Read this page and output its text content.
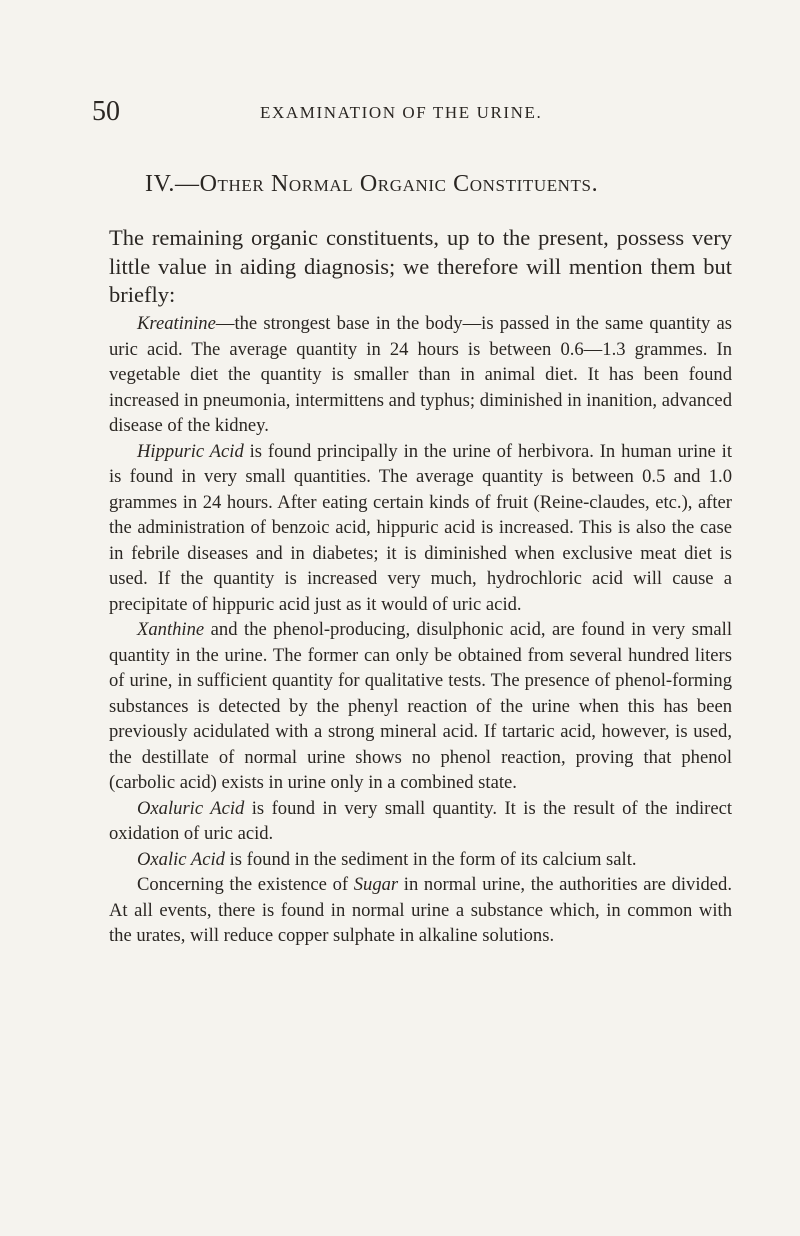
50	EXAMINATION OF THE URINE.
IV.—Other Normal Organic Constituents.

The remaining organic constituents, up to the present, possess very little value in aiding diagnosis; we therefore will mention them but briefly:

Kreatinine—the strongest base in the body—is passed in the same quantity as uric acid. The average quantity in 24 hours is between 0.6—1.3 grammes. In vegetable diet the quantity is smaller than in animal diet. It has been found increased in pneumonia, intermittens and typhus; diminished in inanition, advanced disease of the kidney.

Hippuric Acid is found principally in the urine of herbivora. In human urine it is found in very small quantities. The average quantity is between 0.5 and 1.0 grammes in 24 hours. After eating certain kinds of fruit (Reine-claudes, etc.), after the administration of benzoic acid, hippuric acid is increased. This is also the case in febrile diseases and in diabetes; it is diminished when exclusive meat diet is used. If the quantity is increased very much, hydrochloric acid will cause a precipitate of hippuric acid just as it would of uric acid.

Xanthine and the phenol-producing, disulphonic acid, are found in very small quantity in the urine. The former can only be obtained from several hundred liters of urine, in sufficient quantity for qualitative tests. The presence of phenol-forming substances is detected by the phenyl reaction of the urine when this has been previously acidulated with a strong mineral acid. If tartaric acid, however, is used, the destillate of normal urine shows no phenol reaction, proving that phenol (carbolic acid) exists in urine only in a combined state.

Oxaluric Acid is found in very small quantity. It is the result of the indirect oxidation of uric acid.

Oxalic Acid is found in the sediment in the form of its calcium salt.

Concerning the existence of Sugar in normal urine, the authorities are divided. At all events, there is found in normal urine a substance which, in common with the urates, will reduce copper sulphate in alkaline solutions.
